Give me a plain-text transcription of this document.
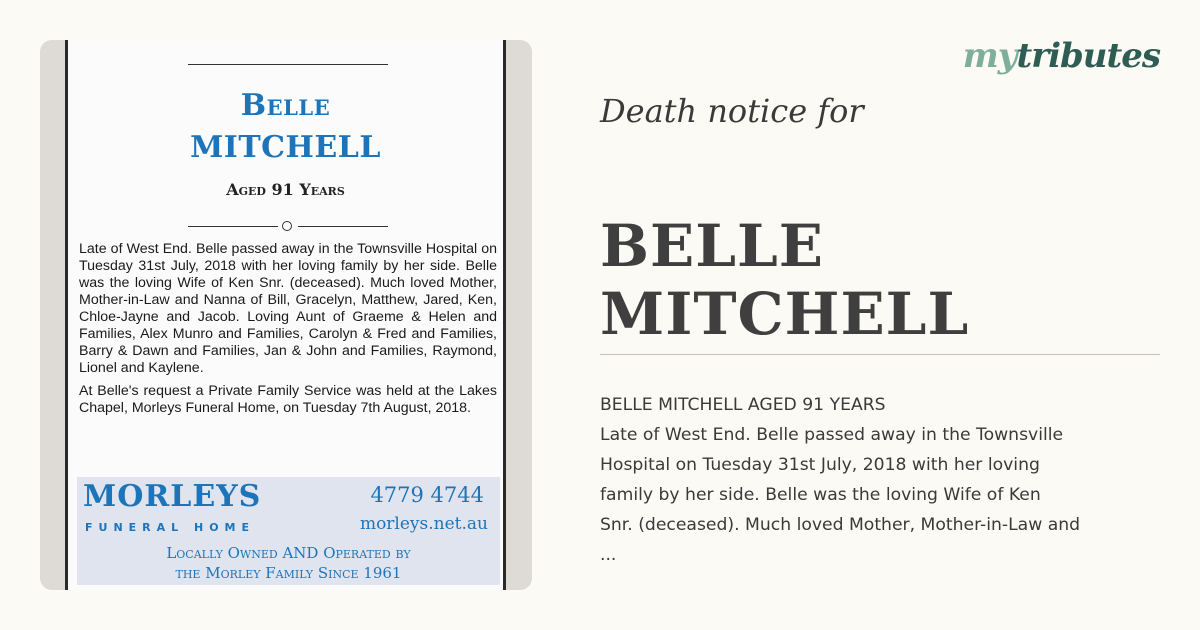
Belle
MITCHELL
Aged 91 Years

Late of West End. Belle passed away in the Townsville Hospital on Tuesday 31st July, 2018 with her loving family by her side. Belle was the loving Wife of Ken Snr. (deceased). Much loved Mother, Mother-in-Law and Nanna of Bill, Gracelyn, Matthew, Jared, Ken, Chloe-Jayne and Jacob. Loving Aunt of Graeme & Helen and Families, Alex Munro and Families, Carolyn & Fred and Families, Barry & Dawn and Families, Jan & John and Families, Raymond, Lionel and Kaylene.

At Belle's request a Private Family Service was held at the Lakes Chapel, Morleys Funeral Home, on Tuesday 7th August, 2018.

MORLEYS
FUNERAL HOME
4779 4744
morleys.net.au
Locally Owned AND Operated by
the Morley Family Since 1961
mytributes
Death notice for
BELLE MITCHELL
BELLE MITCHELL AGED 91 YEARS
Late of West End. Belle passed away in the Townsville
Hospital on Tuesday 31st July, 2018 with her loving
family by her side. Belle was the loving Wife of Ken
Snr. (deceased). Much loved Mother, Mother-in-Law and
...
